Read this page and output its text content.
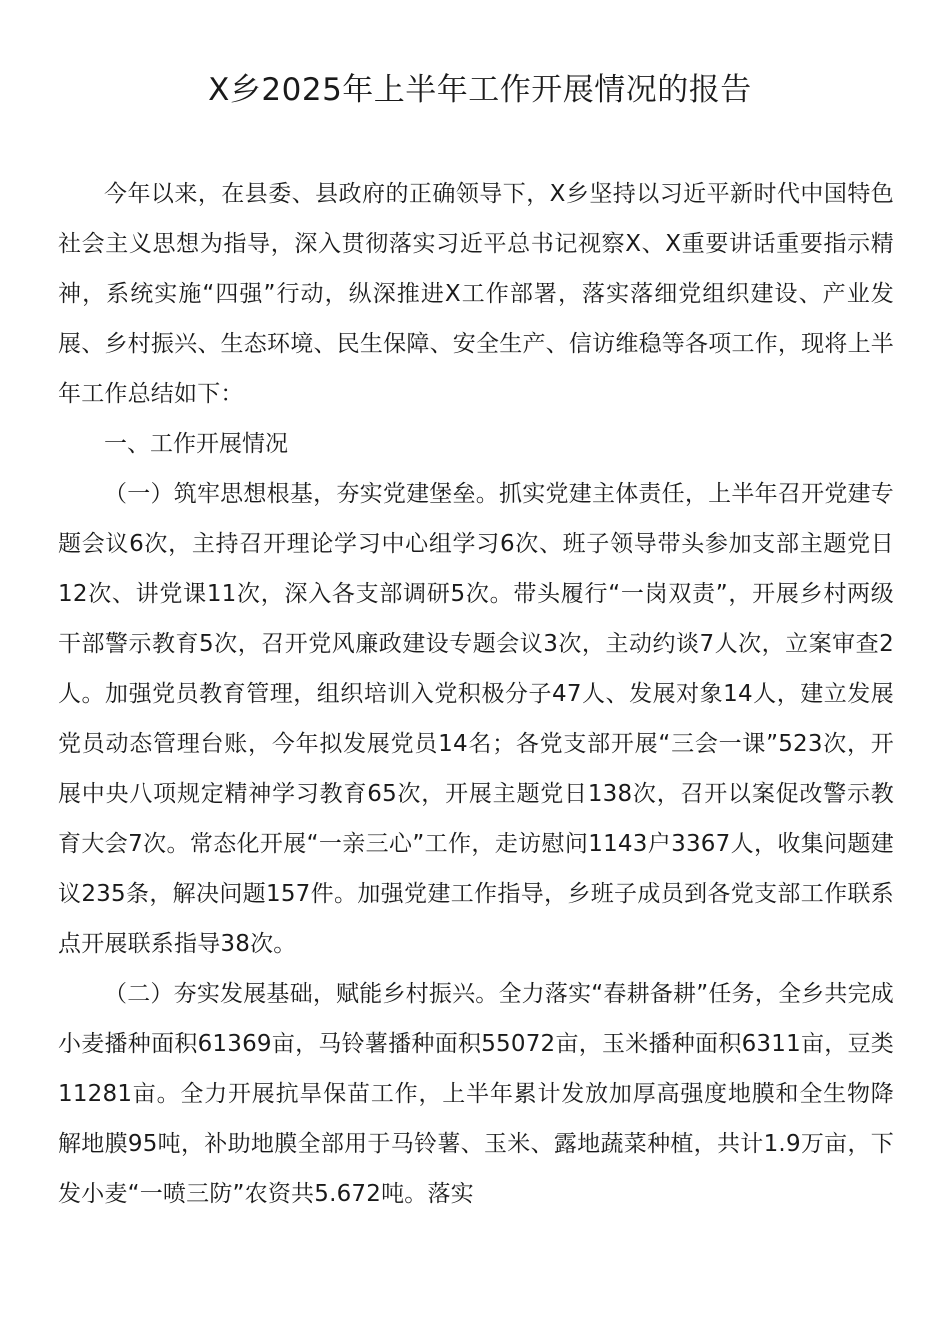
X乡2025年上半年工作开展情况的报告

今年以来，在县委、县政府的正确领导下，X乡坚持以习近平新时代中国特色社会主义思想为指导，深入贯彻落实习近平总书记视察X、X重要讲话重要指示精神，系统实施“四强”行动，纵深推进X工作部署，落实落细党组织建设、产业发展、乡村振兴、生态环境、民生保障、安全生产、信访维稳等各项工作，现将上半年工作总结如下：

一、工作开展情况

（一）筑牢思想根基，夯实党建堡垒。抓实党建主体责任，上半年召开党建专题会议6次，主持召开理论学习中心组学习6次、班子领导带头参加支部主题党日12次、讲党课11次，深入各支部调研5次。带头履行“一岗双责”，开展乡村两级干部警示教育5次，召开党风廉政建设专题会议3次，主动约谈7人次，立案审查2人。加强党员教育管理，组织培训入党积极分子47人、发展对象14人，建立发展党员动态管理台账，今年拟发展党员14名；各党支部开展“三会一课”523次，开展中央八项规定精神学习教育65次，开展主题党日138次，召开以案促改警示教育大会7次。常态化开展“一亲三心”工作，走访慰问1143户3367人，收集问题建议235条，解决问题157件。加强党建工作指导，乡班子成员到各党支部工作联系点开展联系指导38次。

（二）夯实发展基础，赋能乡村振兴。全力落实“春耕备耕”任务，全乡共完成小麦播种面积61369亩，马铃薯播种面积55072亩，玉米播种面积6311亩，豆类11281亩。全力开展抗旱保苗工作，上半年累计发放加厚高强度地膜和全生物降解地膜95吨，补助地膜全部用于马铃薯、玉米、露地蔬菜种植，共计1.9万亩，下发小麦“一喷三防”农资共5.672吨。落实
